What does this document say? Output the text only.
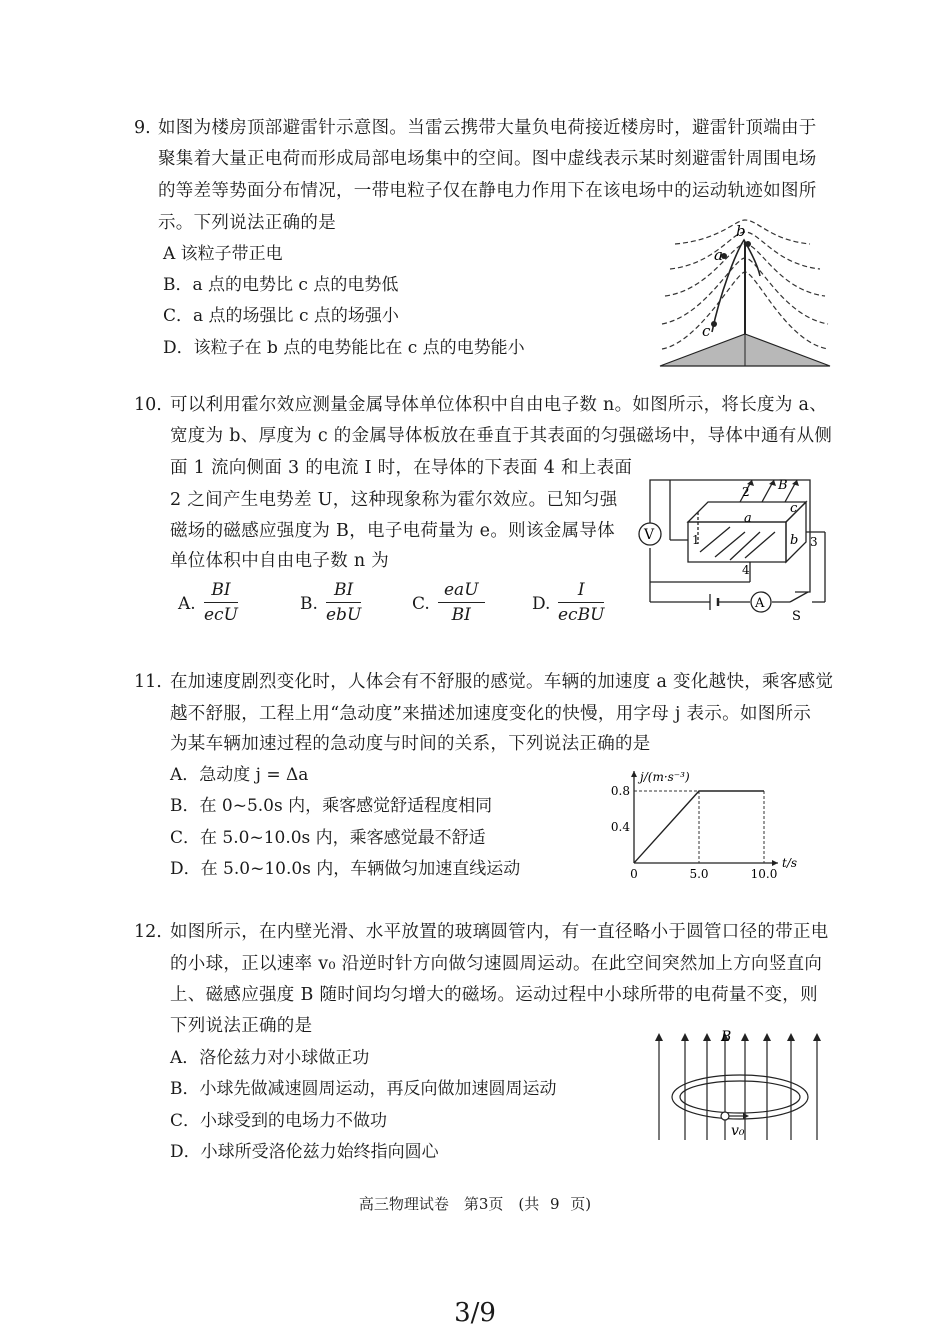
9. 如图为楼房顶部避雷针示意图。当雷云携带大量负电荷接近楼房时，避雷针顶端由于
聚集着大量正电荷而形成局部电场集中的空间。图中虚线表示某时刻避雷针周围电场
的等差等势面分布情况，一带电粒子仅在静电力作用下在该电场中的运动轨迹如图所
示。下列说法正确的是
A 该粒子带正电
B．a 点的电势比 c 点的电势低
C．a 点的场强比 c 点的场强小
D．该粒子在 b 点的电势能比在 c 点的电势能小
a
b
c
10. 可以利用霍尔效应测量金属导体单位体积中自由电子数 n。如图所示，将长度为 a、
宽度为 b、厚度为 c 的金属导体板放在垂直于其表面的匀强磁场中，导体中通有从侧
面 1 流向侧面 3 的电流 I 时，在导体的下表面 4 和上表面
2 之间产生电势差 U，这种现象称为霍尔效应。已知匀强
磁场的磁感应强度为 B，电子电荷量为 e。则该金属导体
单位体积中自由电子数 n 为
A.
BI
ecU
B.
BI
ebU
C.
eaU
BI
D.
I
ecBU
V
A
S
B
1
2
3
4
a
b
c
11. 在加速度剧烈变化时，人体会有不舒服的感觉。车辆的加速度 a 变化越快，乘客感觉
越不舒服，工程上用“急动度”来描述加速度变化的快慢，用字母 j 表示。如图所示
为某车辆加速过程的急动度与时间的关系，下列说法正确的是
A．急动度 j = Δa
B．在 0~5.0s 内，乘客感觉舒适程度相同
C．在 5.0~10.0s 内，乘客感觉最不舒适
D．在 5.0~10.0s 内，车辆做匀加速直线运动
j/(m·s⁻³)
t/s
0	5.0	10.0
0.4
0.8
12. 如图所示，在内壁光滑、水平放置的玻璃圆管内，有一直径略小于圆管口径的带正电
的小球，正以速率 v₀ 沿逆时针方向做匀速圆周运动。在此空间突然加上方向竖直向
上、磁感应强度 B 随时间均匀增大的磁场。运动过程中小球所带的电荷量不变，则
下列说法正确的是
A．洛伦兹力对小球做正功
B．小球先做减速圆周运动，再反向做加速圆周运动
C．小球受到的电场力不做功
D．小球所受洛伦兹力始终指向圆心
B
v₀
高三物理试卷　第3页　(共 9 页)
3/9
